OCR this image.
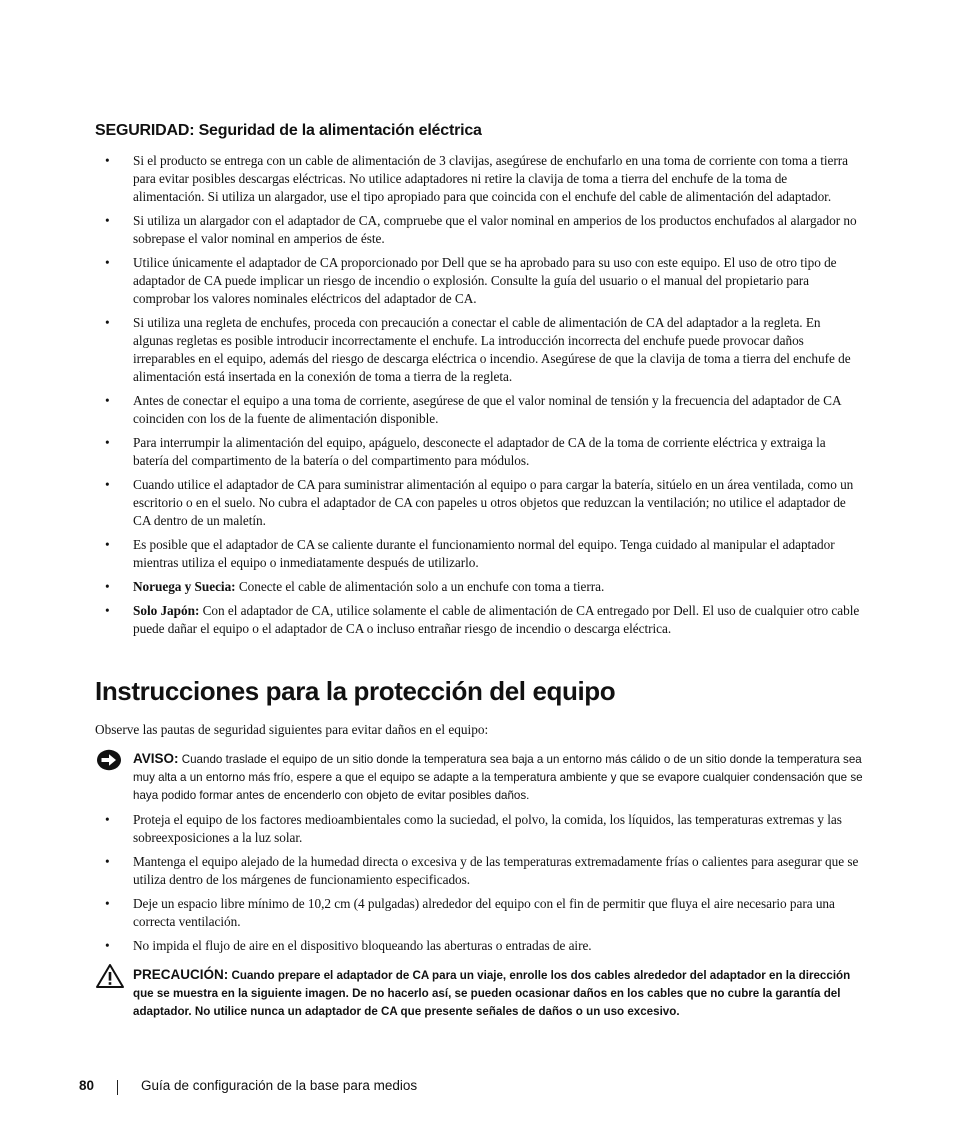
SEGURIDAD: Seguridad de la alimentación eléctrica
• Si el producto se entrega con un cable de alimentación de 3 clavijas, asegúrese de enchufarlo en una toma de corriente con toma a tierra para evitar posibles descargas eléctricas. No utilice adaptadores ni retire la clavija de toma a tierra del enchufe de la toma de alimentación. Si utiliza un alargador, use el tipo apropiado para que coincida con el enchufe del cable de alimentación del adaptador.
• Si utiliza un alargador con el adaptador de CA, compruebe que el valor nominal en amperios de los productos enchufados al alargador no sobrepase el valor nominal en amperios de éste.
• Utilice únicamente el adaptador de CA proporcionado por Dell que se ha aprobado para su uso con este equipo. El uso de otro tipo de adaptador de CA puede implicar un riesgo de incendio o explosión. Consulte la guía del usuario o el manual del propietario para comprobar los valores nominales eléctricos del adaptador de CA.
• Si utiliza una regleta de enchufes, proceda con precaución a conectar el cable de alimentación de CA del adaptador a la regleta. En algunas regletas es posible introducir incorrectamente el enchufe. La introducción incorrecta del enchufe puede provocar daños irreparables en el equipo, además del riesgo de descarga eléctrica o incendio. Asegúrese de que la clavija de toma a tierra del enchufe de alimentación está insertada en la conexión de toma a tierra de la regleta.
• Antes de conectar el equipo a una toma de corriente, asegúrese de que el valor nominal de tensión y la frecuencia del adaptador de CA coinciden con los de la fuente de alimentación disponible.
• Para interrumpir la alimentación del equipo, apáguelo, desconecte el adaptador de CA de la toma de corriente eléctrica y extraiga la batería del compartimento de la batería o del compartimento para módulos.
• Cuando utilice el adaptador de CA para suministrar alimentación al equipo o para cargar la batería, sitúelo en un área ventilada, como un escritorio o en el suelo. No cubra el adaptador de CA con papeles u otros objetos que reduzcan la ventilación; no utilice el adaptador de CA dentro de un maletín.
• Es posible que el adaptador de CA se caliente durante el funcionamiento normal del equipo. Tenga cuidado al manipular el adaptador mientras utiliza el equipo o inmediatamente después de utilizarlo.
• Noruega y Suecia: Conecte el cable de alimentación solo a un enchufe con toma a tierra.
• Solo Japón: Con el adaptador de CA, utilice solamente el cable de alimentación de CA entregado por Dell. El uso de cualquier otro cable puede dañar el equipo o el adaptador de CA o incluso entrañar riesgo de incendio o descarga eléctrica.
Instrucciones para la protección del equipo
Observe las pautas de seguridad siguientes para evitar daños en el equipo:
AVISO: Cuando traslade el equipo de un sitio donde la temperatura sea baja a un entorno más cálido o de un sitio donde la temperatura sea muy alta a un entorno más frío, espere a que el equipo se adapte a la temperatura ambiente y que se evapore cualquier condensación que se haya podido formar antes de encenderlo con objeto de evitar posibles daños.
• Proteja el equipo de los factores medioambientales como la suciedad, el polvo, la comida, los líquidos, las temperaturas extremas y las sobreexposiciones a la luz solar.
• Mantenga el equipo alejado de la humedad directa o excesiva y de las temperaturas extremadamente frías o calientes para asegurar que se utiliza dentro de los márgenes de funcionamiento especificados.
• Deje un espacio libre mínimo de 10,2 cm (4 pulgadas) alrededor del equipo con el fin de permitir que fluya el aire necesario para una correcta ventilación.
• No impida el flujo de aire en el dispositivo bloqueando las aberturas o entradas de aire.
PRECAUCIÓN: Cuando prepare el adaptador de CA para un viaje, enrolle los dos cables alrededor del adaptador en la dirección que se muestra en la siguiente imagen. De no hacerlo así, se pueden ocasionar daños en los cables que no cubre la garantía del adaptador. No utilice nunca un adaptador de CA que presente señales de daños o un uso excesivo.
80	Guía de configuración de la base para medios
